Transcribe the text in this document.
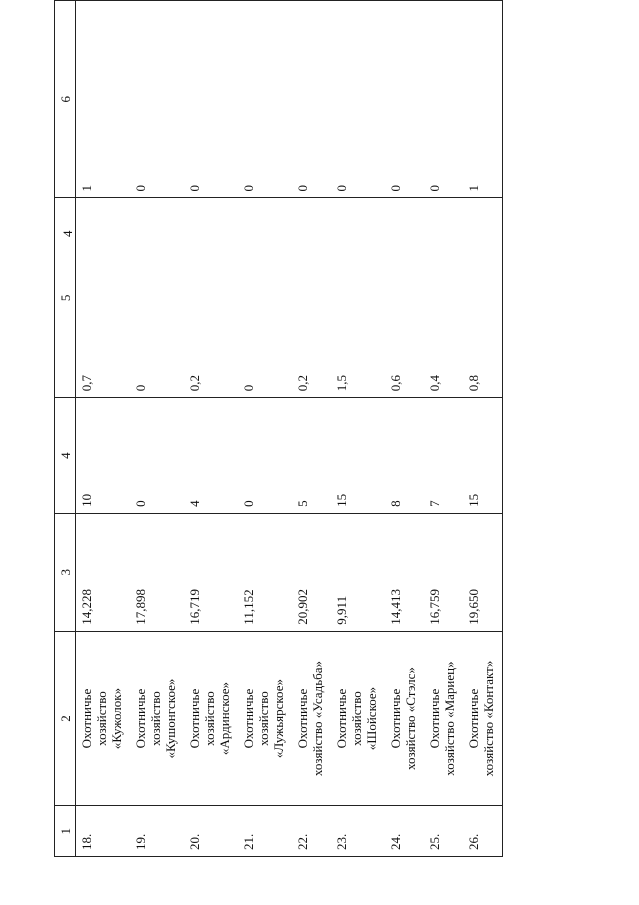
4
1	2	3	4	5	6
18.	Охотничье хозяйство «Кужолок»	14,228	10	0,7	1
19.	Охотничье хозяйство «Кушонгское»	17,898	0	0	0
20.	Охотничье хозяйство «Ардинское»	16,719	4	0,2	0
21.	Охотничье хозяйство «Лужьярское»	11,152	0	0	0
22.	Охотничье хозяйство «Усадьба»	20,902	5	0,2	0
23.	Охотничье хозяйство «Шойское»	9,911	15	1,5	0
24.	Охотничье хозяйство «Стэлс»	14,413	8	0,6	0
25.	Охотничье хозяйство «Мариец»	16,759	7	0,4	0
26.	Охотничье хозяйство «Контакт»	19,650	15	0,8	1
